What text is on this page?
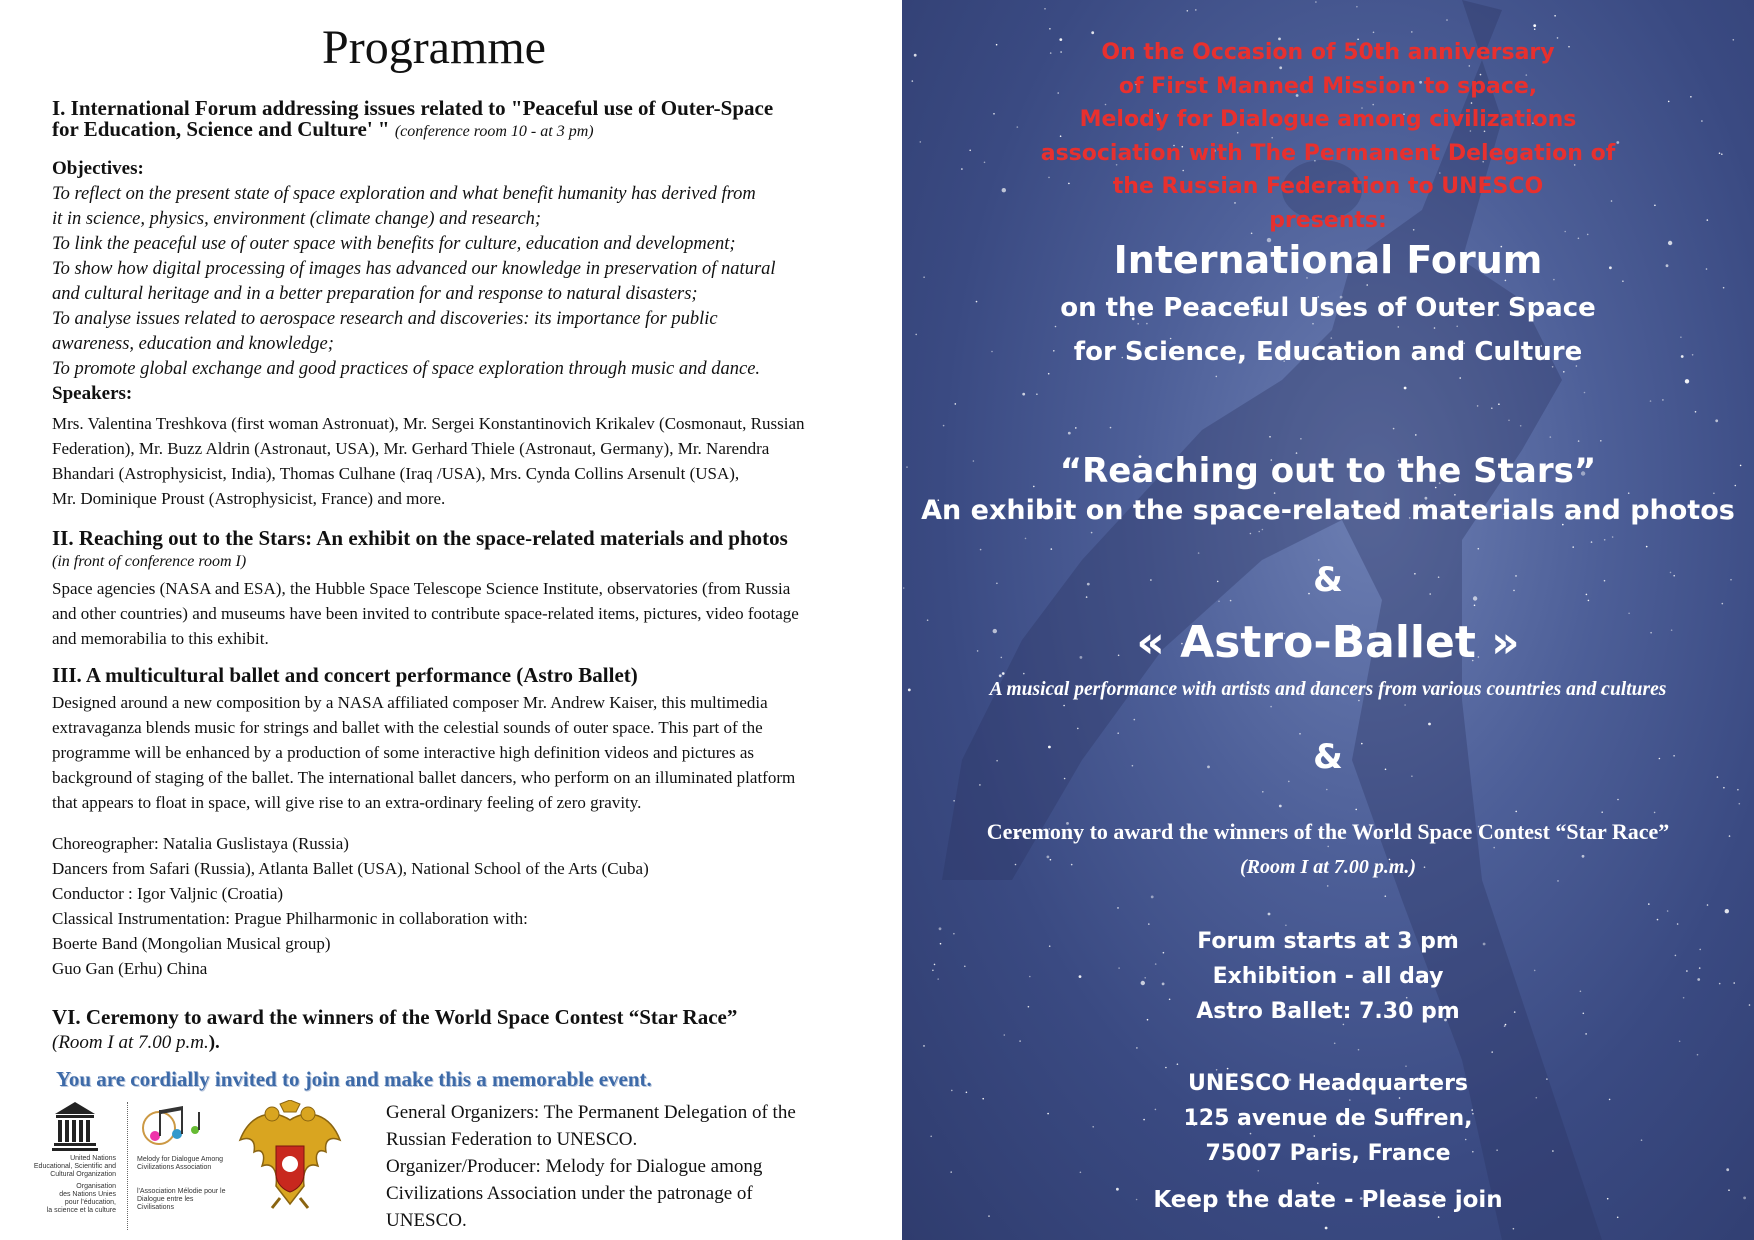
Programme
I. International Forum addressing issues related to "Peaceful use of Outer-Space
for Education, Science and Culture' " (conference room 10 - at 3 pm)
Objectives:
To reflect on the present state of space exploration and what benefit humanity has derived from
it in science, physics, environment (climate change) and research;
To link the peaceful use of outer space with benefits for culture, education and development;
To show how digital processing of images has advanced our knowledge in preservation of natural
and cultural heritage and in a better preparation for and response to natural disasters;
To analyse issues related to aerospace research and discoveries: its importance for public
awareness, education and knowledge;
To promote global exchange and good practices of space exploration through music and dance.
Speakers:
Mrs. Valentina Treshkova (first woman Astronuat), Mr. Sergei Konstantinovich Krikalev (Cosmonaut, Russian
Federation), Mr. Buzz Aldrin (Astronaut, USA), Mr. Gerhard Thiele (Astronaut, Germany), Mr. Narendra
Bhandari (Astrophysicist, India), Thomas Culhane (Iraq /USA), Mrs. Cynda Collins Arsenult (USA),
Mr. Dominique Proust (Astrophysicist, France) and more.
II. Reaching out to the Stars: An exhibit on the space-related materials and photos
(in front of conference room I)
Space agencies (NASA and ESA), the Hubble Space Telescope Science Institute, observatories (from Russia
and other countries) and museums have been invited to contribute space-related items, pictures, video footage
and memorabilia to this exhibit.
III. A multicultural ballet and concert performance (Astro Ballet)
Designed around a new composition by a NASA affiliated composer Mr. Andrew Kaiser, this multimedia
extravaganza blends music for strings and ballet with the celestial sounds of outer space. This part of the
programme will be enhanced by a production of some interactive high definition videos and pictures as
background of staging of the ballet. The international ballet dancers, who perform on an illuminated platform
that appears to float in space, will give rise to an extra-ordinary feeling of zero gravity.
Choreographer: Natalia Guslistaya (Russia)
Dancers from Safari (Russia), Atlanta Ballet (USA), National School of the Arts (Cuba)
Conductor : Igor Valjnic (Croatia)
Classical Instrumentation: Prague Philharmonic in collaboration with:
Boerte Band (Mongolian Musical group)
Guo Gan (Erhu) China
VI. Ceremony to award the winners of the World Space Contest “Star Race”
(Room I at 7.00 p.m.).
You are cordially invited to join and make this a memorable event.
United Nations
Educational, Scientific and
Cultural Organization
Organisation
des Nations Unies
pour l'éducation,
la science et la culture
Melody for Dialogue Among
Civilizations Association
l'Association Mélodie pour le
Dialogue entre les
Civilisations
General Organizers: The Permanent Delegation of the
Russian Federation to UNESCO.
Organizer/Producer: Melody for Dialogue among
Civilizations Association under the patronage of
UNESCO.
On the Occasion of 50th anniversary
of First Manned Mission to space,
Melody for Dialogue among civilizations
association with The Permanent Delegation of
the Russian Federation to UNESCO
presents:
International Forum
on the Peaceful Uses of Outer Space
for Science, Education and Culture
“Reaching out to the Stars”
An exhibit on the space-related materials and photos
&
« Astro-Ballet »
A musical performance with artists and dancers from various countries and cultures
&
Ceremony to award the winners of the World Space Contest “Star Race”
(Room I at 7.00 p.m.)
Forum starts at 3 pm
Exhibition - all day
Astro Ballet: 7.30 pm
UNESCO Headquarters
125 avenue de Suffren,
75007 Paris, France
Keep the date - Please join
